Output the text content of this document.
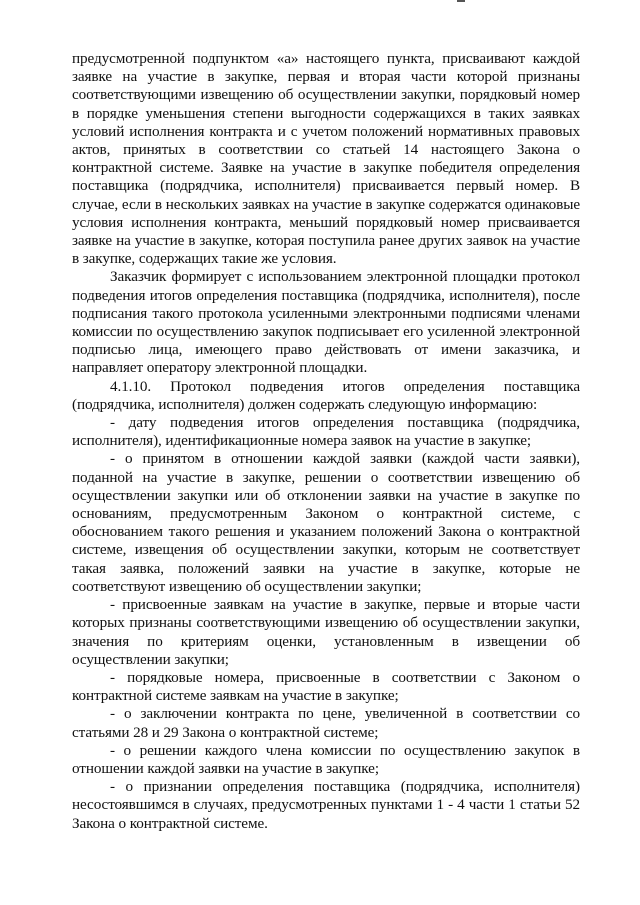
предусмотренной подпунктом «а» настоящего пункта, присваивают каждой заявке на участие в закупке, первая и вторая части которой признаны соответствующими извещению об осуществлении закупки, порядковый номер в порядке уменьшения степени выгодности содержащихся в таких заявках условий исполнения контракта и с учетом положений нормативных правовых актов, принятых в соответствии со статьей 14 настоящего Закона о контрактной системе. Заявке на участие в закупке победителя определения поставщика (подрядчика, исполнителя) присваивается первый номер. В случае, если в нескольких заявках на участие в закупке содержатся одинаковые условия исполнения контракта, меньший порядковый номер присваивается заявке на участие в закупке, которая поступила ранее других заявок на участие в закупке, содержащих такие же условия.

Заказчик формирует с использованием электронной площадки протокол подведения итогов определения поставщика (подрядчика, исполнителя), после подписания такого протокола усиленными электронными подписями членами комиссии по осуществлению закупок подписывает его усиленной электронной подписью лица, имеющего право действовать от имени заказчика, и направляет оператору электронной площадки.

4.1.10. Протокол подведения итогов определения поставщика (подрядчика, исполнителя) должен содержать следующую информацию:

- дату подведения итогов определения поставщика (подрядчика, исполнителя), идентификационные номера заявок на участие в закупке;

- о принятом в отношении каждой заявки (каждой части заявки), поданной на участие в закупке, решении о соответствии извещению об осуществлении закупки или об отклонении заявки на участие в закупке по основаниям, предусмотренным Законом о контрактной системе, с обоснованием такого решения и указанием положений Закона о контрактной системе, извещения об осуществлении закупки, которым не соответствует такая заявка, положений заявки на участие в закупке, которые не соответствуют извещению об осуществлении закупки;

- присвоенные заявкам на участие в закупке, первые и вторые части которых признаны соответствующими извещению об осуществлении закупки, значения по критериям оценки, установленным в извещении об осуществлении закупки;

- порядковые номера, присвоенные в соответствии с Законом о контрактной системе заявкам на участие в закупке;

- о заключении контракта по цене, увеличенной в соответствии со статьями 28 и 29 Закона о контрактной системе;

- о решении каждого члена комиссии по осуществлению закупок в отношении каждой заявки на участие в закупке;

- о признании определения поставщика (подрядчика, исполнителя) несостоявшимся в случаях, предусмотренных пунктами 1 - 4 части 1 статьи 52 Закона о контрактной системе.
